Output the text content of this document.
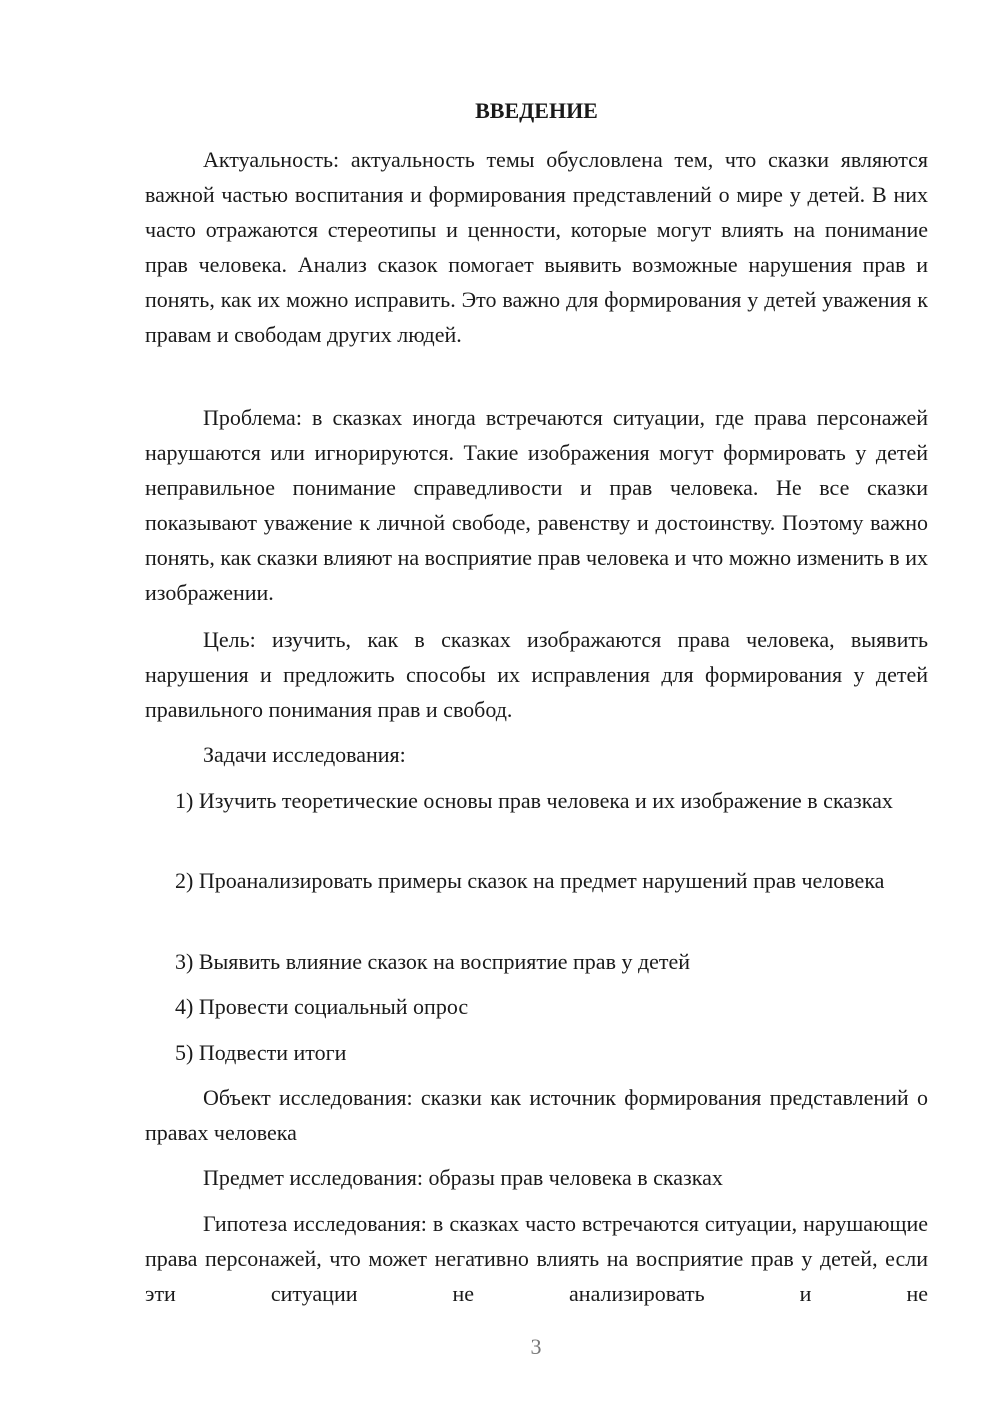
ВВЕДЕНИЕ

Актуальность: актуальность темы обусловлена тем, что сказки являются важной частью воспитания и формирования представлений о мире у детей. В них часто отражаются стереотипы и ценности, которые могут влиять на понимание прав человека. Анализ сказок помогает выявить возможные нарушения прав и понять, как их можно исправить. Это важно для формирования у детей уважения к правам и свободам других людей.

Проблема: в сказках иногда встречаются ситуации, где права персонажей нарушаются или игнорируются. Такие изображения могут формировать у детей неправильное понимание справедливости и прав человека. Не все сказки показывают уважение к личной свободе, равенству и достоинству. Поэтому важно понять, как сказки влияют на восприятие прав человека и что можно изменить в их изображении.

Цель: изучить, как в сказках изображаются права человека, выявить нарушения и предложить способы их исправления для формирования у детей правильного понимания прав и свобод.

Задачи исследования:

1) Изучить теоретические основы прав человека и их изображение в сказках

2) Проанализировать примеры сказок на предмет нарушений прав человека

3) Выявить влияние сказок на восприятие прав у детей

4) Провести социальный опрос

5) Подвести итоги

Объект исследования: сказки как источник формирования представлений о правах человека

Предмет исследования: образы прав человека в сказках

Гипотеза исследования: в сказках часто встречаются ситуации, нарушающие права персонажей, что может негативно влиять на восприятие прав у детей, если эти ситуации не анализировать и не

3
